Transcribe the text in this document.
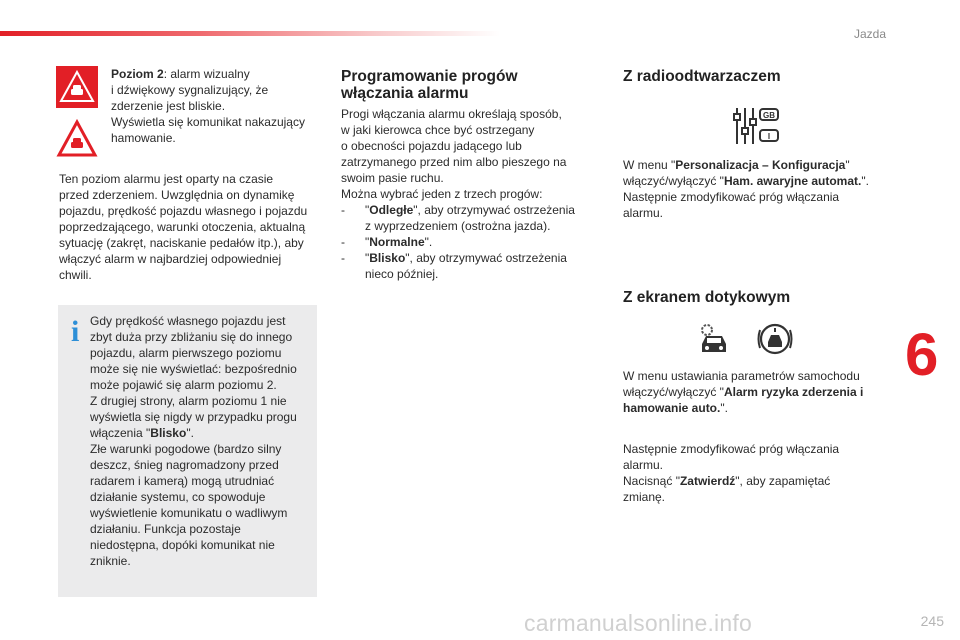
Jazda

Poziom 2: alarm wizualny

i dźwiękowy sygnalizujący, że

zderzenie jest bliskie.

Wyświetla się komunikat nakazujący

hamowanie.

Ten poziom alarmu jest oparty na czasie

przed zderzeniem. Uwzględnia on dynamikę

pojazdu, prędkość pojazdu własnego i pojazdu

poprzedzającego, warunki otoczenia, aktualną

sytuację (zakręt, naciskanie pedałów itp.), aby

włączyć alarm w najbardziej odpowiedniej

chwili.

i Gdy prędkość własnego pojazdu jest

zbyt duża przy zbliżaniu się do innego

pojazdu, alarm pierwszego poziomu

może się nie wyświetlać: bezpośrednio

może pojawić się alarm poziomu 2.

Z drugiej strony, alarm poziomu 1 nie

wyświetla się nigdy w przypadku progu

włączenia "Blisko".

Złe warunki pogodowe (bardzo silny

deszcz, śnieg nagromadzony przed

radarem i kamerą) mogą utrudniać

działanie systemu, co spowoduje

wyświetlenie komunikatu o wadliwym

działaniu. Funkcja pozostaje

niedostępna, dopóki komunikat nie

zniknie.

Programowanie progów
włączania alarmu

Progi włączania alarmu określają sposób,

w jaki kierowca chce być ostrzegany

o obecności pojazdu jadącego lub

zatrzymanego przed nim albo pieszego na

swoim pasie ruchu.

Można wybrać jeden z trzech progów:

-	"Odległe", aby otrzymywać ostrzeżenia

z wyprzedzeniem (ostrożna jazda).

-	"Normalne".

-	"Blisko", aby otrzymywać ostrzeżenia

nieco później.

Z radioodtwarzaczem
GB
I

W menu "Personalizacja – Konfiguracja"

włączyć/wyłączyć "Ham. awaryjne automat.".

Następnie zmodyfikować próg włączania

alarmu.

Z ekranem dotykowym

W menu ustawiania parametrów samochodu

włączyć/wyłączyć "Alarm ryzyka zderzenia i

hamowanie auto.".

Następnie zmodyfikować próg włączania

alarmu.

Nacisnąć "Zatwierdź", aby zapamiętać

zmianę.

6
carmanualsonline.info	245
